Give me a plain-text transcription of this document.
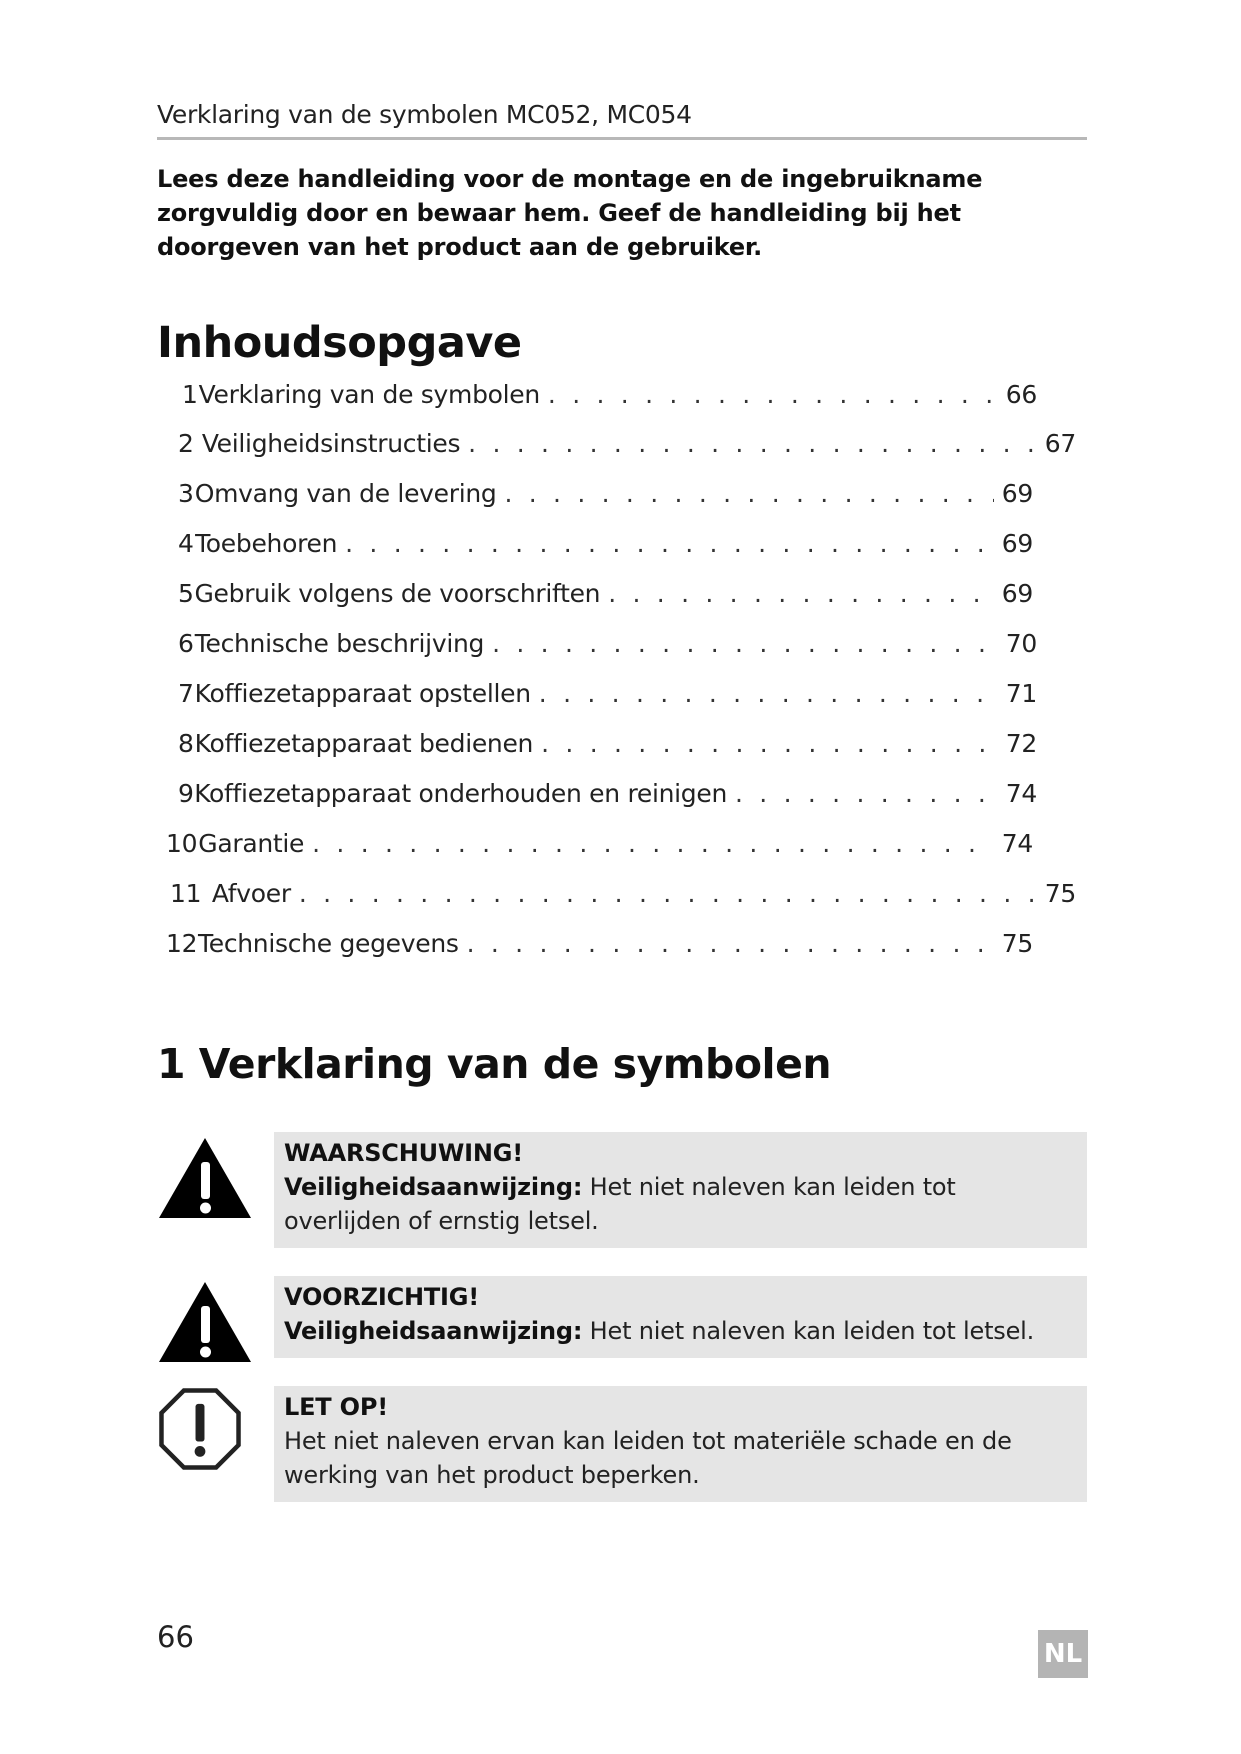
Verklaring van de symbolen MC052, MC054
Lees deze handleiding voor de montage en de ingebruikname zorgvuldig door en bewaar hem. Geef de handleiding bij het doorgeven van het product aan de gebruiker.
Inhoudsopgave
1 Verklaring van de symbolen . . .	66
2 Veiligheidsinstructies . . .	67
3 Omvang van de levering . . .	69
4 Toebehoren . . .	69
5 Gebruik volgens de voorschriften . . .	69
6 Technische beschrijving . . .	70
7 Koffiezetapparaat opstellen . . .	71
8 Koffiezetapparaat bedienen . . .	72
9 Koffiezetapparaat onderhouden en reinigen . . .	74
10 Garantie . . .	74
11 Afvoer . . .	75
12 Technische gegevens . . .	75
1 Verklaring van de symbolen
WAARSCHUWING!
Veiligheidsaanwijzing: Het niet naleven kan leiden tot overlijden of ernstig letsel.
VOORZICHTIG!
Veiligheidsaanwijzing: Het niet naleven kan leiden tot letsel.
LET OP!
Het niet naleven ervan kan leiden tot materiële schade en de werking van het product beperken.
66	NL
